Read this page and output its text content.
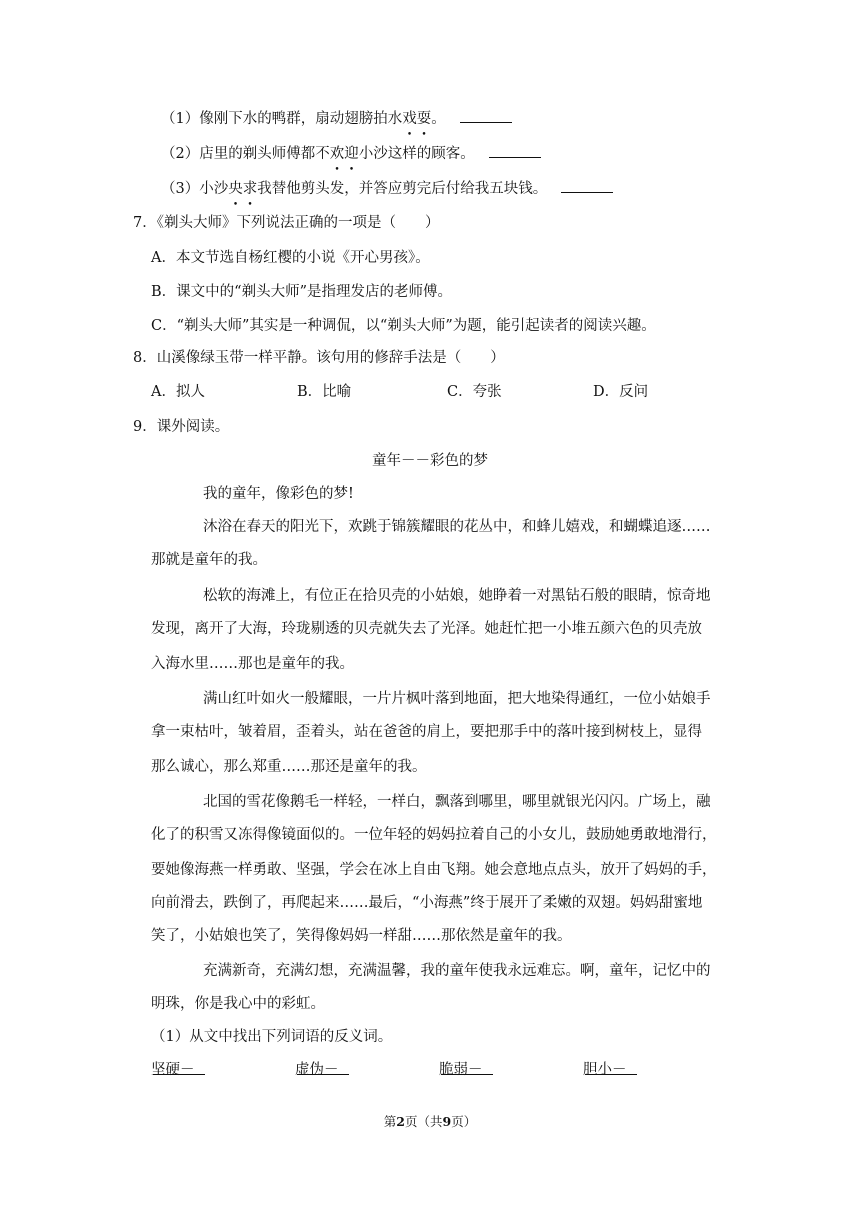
（1）像刚下水的鸭群，扇动翅膀拍水戏耍。
（2）店里的剃头师傅都不欢迎小沙这样的顾客。
（3）小沙央求我替他剪头发，并答应剪完后付给我五块钱。
7．《剃头大师》下列说法正确的一项是（　　）
A．本文节选自杨红樱的小说《开心男孩》。
B．课文中的“剃头大师”是指理发店的老师傅。
C．“剃头大师”其实是一种调侃，以“剃头大师”为题，能引起读者的阅读兴趣。
8．山溪像绿玉带一样平静。该句用的修辞手法是（　　）
A．拟人	B．比喻	C．夸张	D．反问
9．课外阅读。
童年－－彩色的梦
我的童年，像彩色的梦!
沐浴在春天的阳光下，欢跳于锦簇耀眼的花丛中，和蜂儿嬉戏，和蝴蝶追逐……
那就是童年的我。
松软的海滩上，有位正在拾贝壳的小姑娘，她睁着一对黑钻石般的眼睛，惊奇地
发现，离开了大海，玲珑剔透的贝壳就失去了光泽。她赶忙把一小堆五颜六色的贝壳放
入海水里……那也是童年的我。
满山红叶如火一般耀眼，一片片枫叶落到地面，把大地染得通红，一位小姑娘手
拿一束枯叶，皱着眉，歪着头，站在爸爸的肩上，要把那手中的落叶接到树枝上，显得
那么诚心，那么郑重……那还是童年的我。
北国的雪花像鹅毛一样轻，一样白，飘落到哪里，哪里就银光闪闪。广场上，融
化了的积雪又冻得像镜面似的。一位年轻的妈妈拉着自己的小女儿，鼓励她勇敢地滑行，
要她像海燕一样勇敢、坚强，学会在冰上自由飞翔。她会意地点点头，放开了妈妈的手，
向前滑去，跌倒了，再爬起来……最后，“小海燕”终于展开了柔嫩的双翅。妈妈甜蜜地
笑了，小姑娘也笑了，笑得像妈妈一样甜……那依然是童年的我。
充满新奇，充满幻想，充满温馨，我的童年使我永远难忘。啊，童年，记忆中的
明珠，你是我心中的彩虹。
（1）从文中找出下列词语的反义词。
坚硬－	虚伪－	脆弱－	胆小－
第2页（共9页）
